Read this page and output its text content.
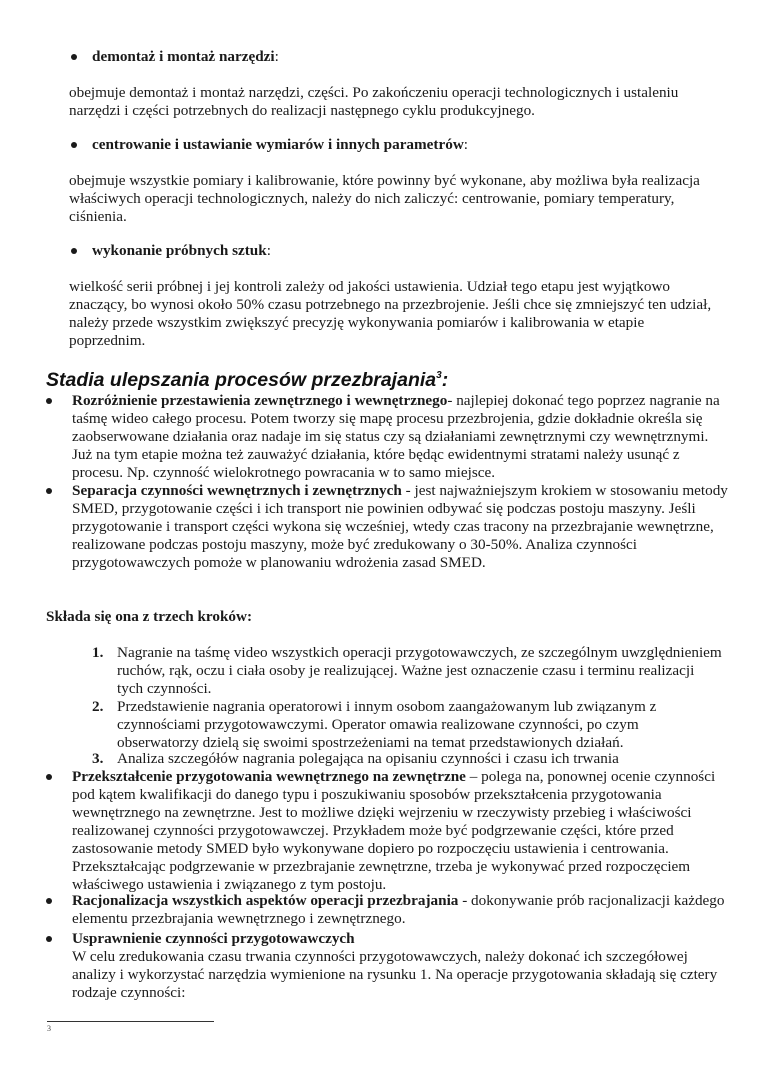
demontaż i montaż narzędzi:
obejmuje demontaż i montaż narzędzi, części. Po zakończeniu operacji technologicznych i ustaleniu narzędzi i części potrzebnych do realizacji następnego cyklu produkcyjnego.
centrowanie i ustawianie wymiarów i innych parametrów:
obejmuje wszystkie pomiary i kalibrowanie, które powinny być wykonane, aby możliwa była realizacja właściwych operacji technologicznych, należy do nich zaliczyć: centrowanie, pomiary temperatury, ciśnienia.
wykonanie próbnych sztuk:
wielkość serii próbnej i jej kontroli zależy od jakości ustawienia. Udział tego etapu jest wyjątkowo znaczący, bo wynosi około 50% czasu potrzebnego na przezbrojenie. Jeśli chce się zmniejszyć ten udział, należy przede wszystkim zwiększyć precyzję wykonywania pomiarów i kalibrowania w etapie poprzednim.
Stadia ulepszania procesów przezbrajania$^3$:
Rozróżnienie przestawienia zewnętrznego i wewnętrznego- najlepiej dokonać tego poprzez nagranie na taśmę wideo całego procesu. Potem tworzy się mapę procesu przezbrojenia, gdzie dokładnie określa się zaobserwowane działania oraz nadaje im się status czy są działaniami zewnętrznymi czy wewnętrznymi. Już na tym etapie można też zauważyć działania, które będąc ewidentnymi stratami należy usunąć z procesu. Np. czynność wielokrotnego powracania w to samo miejsce.
Separacja czynności wewnętrznych i zewnętrznych - jest najważniejszym krokiem w stosowaniu metody SMED, przygotowanie części i ich transport nie powinien odbywać się podczas postoju maszyny. Jeśli przygotowanie i transport części wykona się wcześniej, wtedy czas tracony na przezbrajanie wewnętrzne, realizowane podczas postoju maszyny, może być zredukowany o 30-50%. Analiza czynności przygotowawczych pomoże w planowaniu wdrożenia zasad SMED.
Składa się ona z trzech kroków:
1. Nagranie na taśmę video wszystkich operacji przygotowawczych, ze szczególnym uwzględnieniem ruchów, rąk, oczu i ciała osoby je realizującej. Ważne jest oznaczenie czasu i terminu realizacji tych czynności.
2. Przedstawienie nagrania operatorowi i innym osobom zaangażowanym lub związanym z czynnościami przygotowawczymi. Operator omawia realizowane czynności, po czym obserwatorzy dzielą się swoimi spostrzeżeniami na temat przedstawionych działań.
3. Analiza szczegółów nagrania polegająca na opisaniu czynności i czasu ich trwania
Przekształcenie przygotowania wewnętrznego na zewnętrzne – polega na, ponownej ocenie czynności pod kątem kwalifikacji do danego typu i poszukiwaniu sposobów przekształcenia przygotowania wewnętrznego na zewnętrzne. Jest to możliwe dzięki wejrzeniu w rzeczywisty przebieg i właściwości realizowanej czynności przygotowawczej. Przykładem może być podgrzewanie części, które przed zastosowanie metody SMED było wykonywane dopiero po rozpoczęciu ustawienia i centrowania. Przekształcając podgrzewanie w przezbrajanie zewnętrzne, trzeba je wykonywać przed rozpoczęciem właściwego ustawienia i związanego z tym postoju.
Racjonalizacja wszystkich aspektów operacji przezbrajania - dokonywanie prób racjonalizacji każdego elementu przezbrajania wewnętrznego i zewnętrznego.
Usprawnienie czynności przygotowawczych
W celu zredukowania czasu trwania czynności przygotowawczych, należy dokonać ich szczegółowej analizy i wykorzystać narzędzia wymienione na rysunku 1. Na operacje przygotowania składają się cztery rodzaje czynności:
3
